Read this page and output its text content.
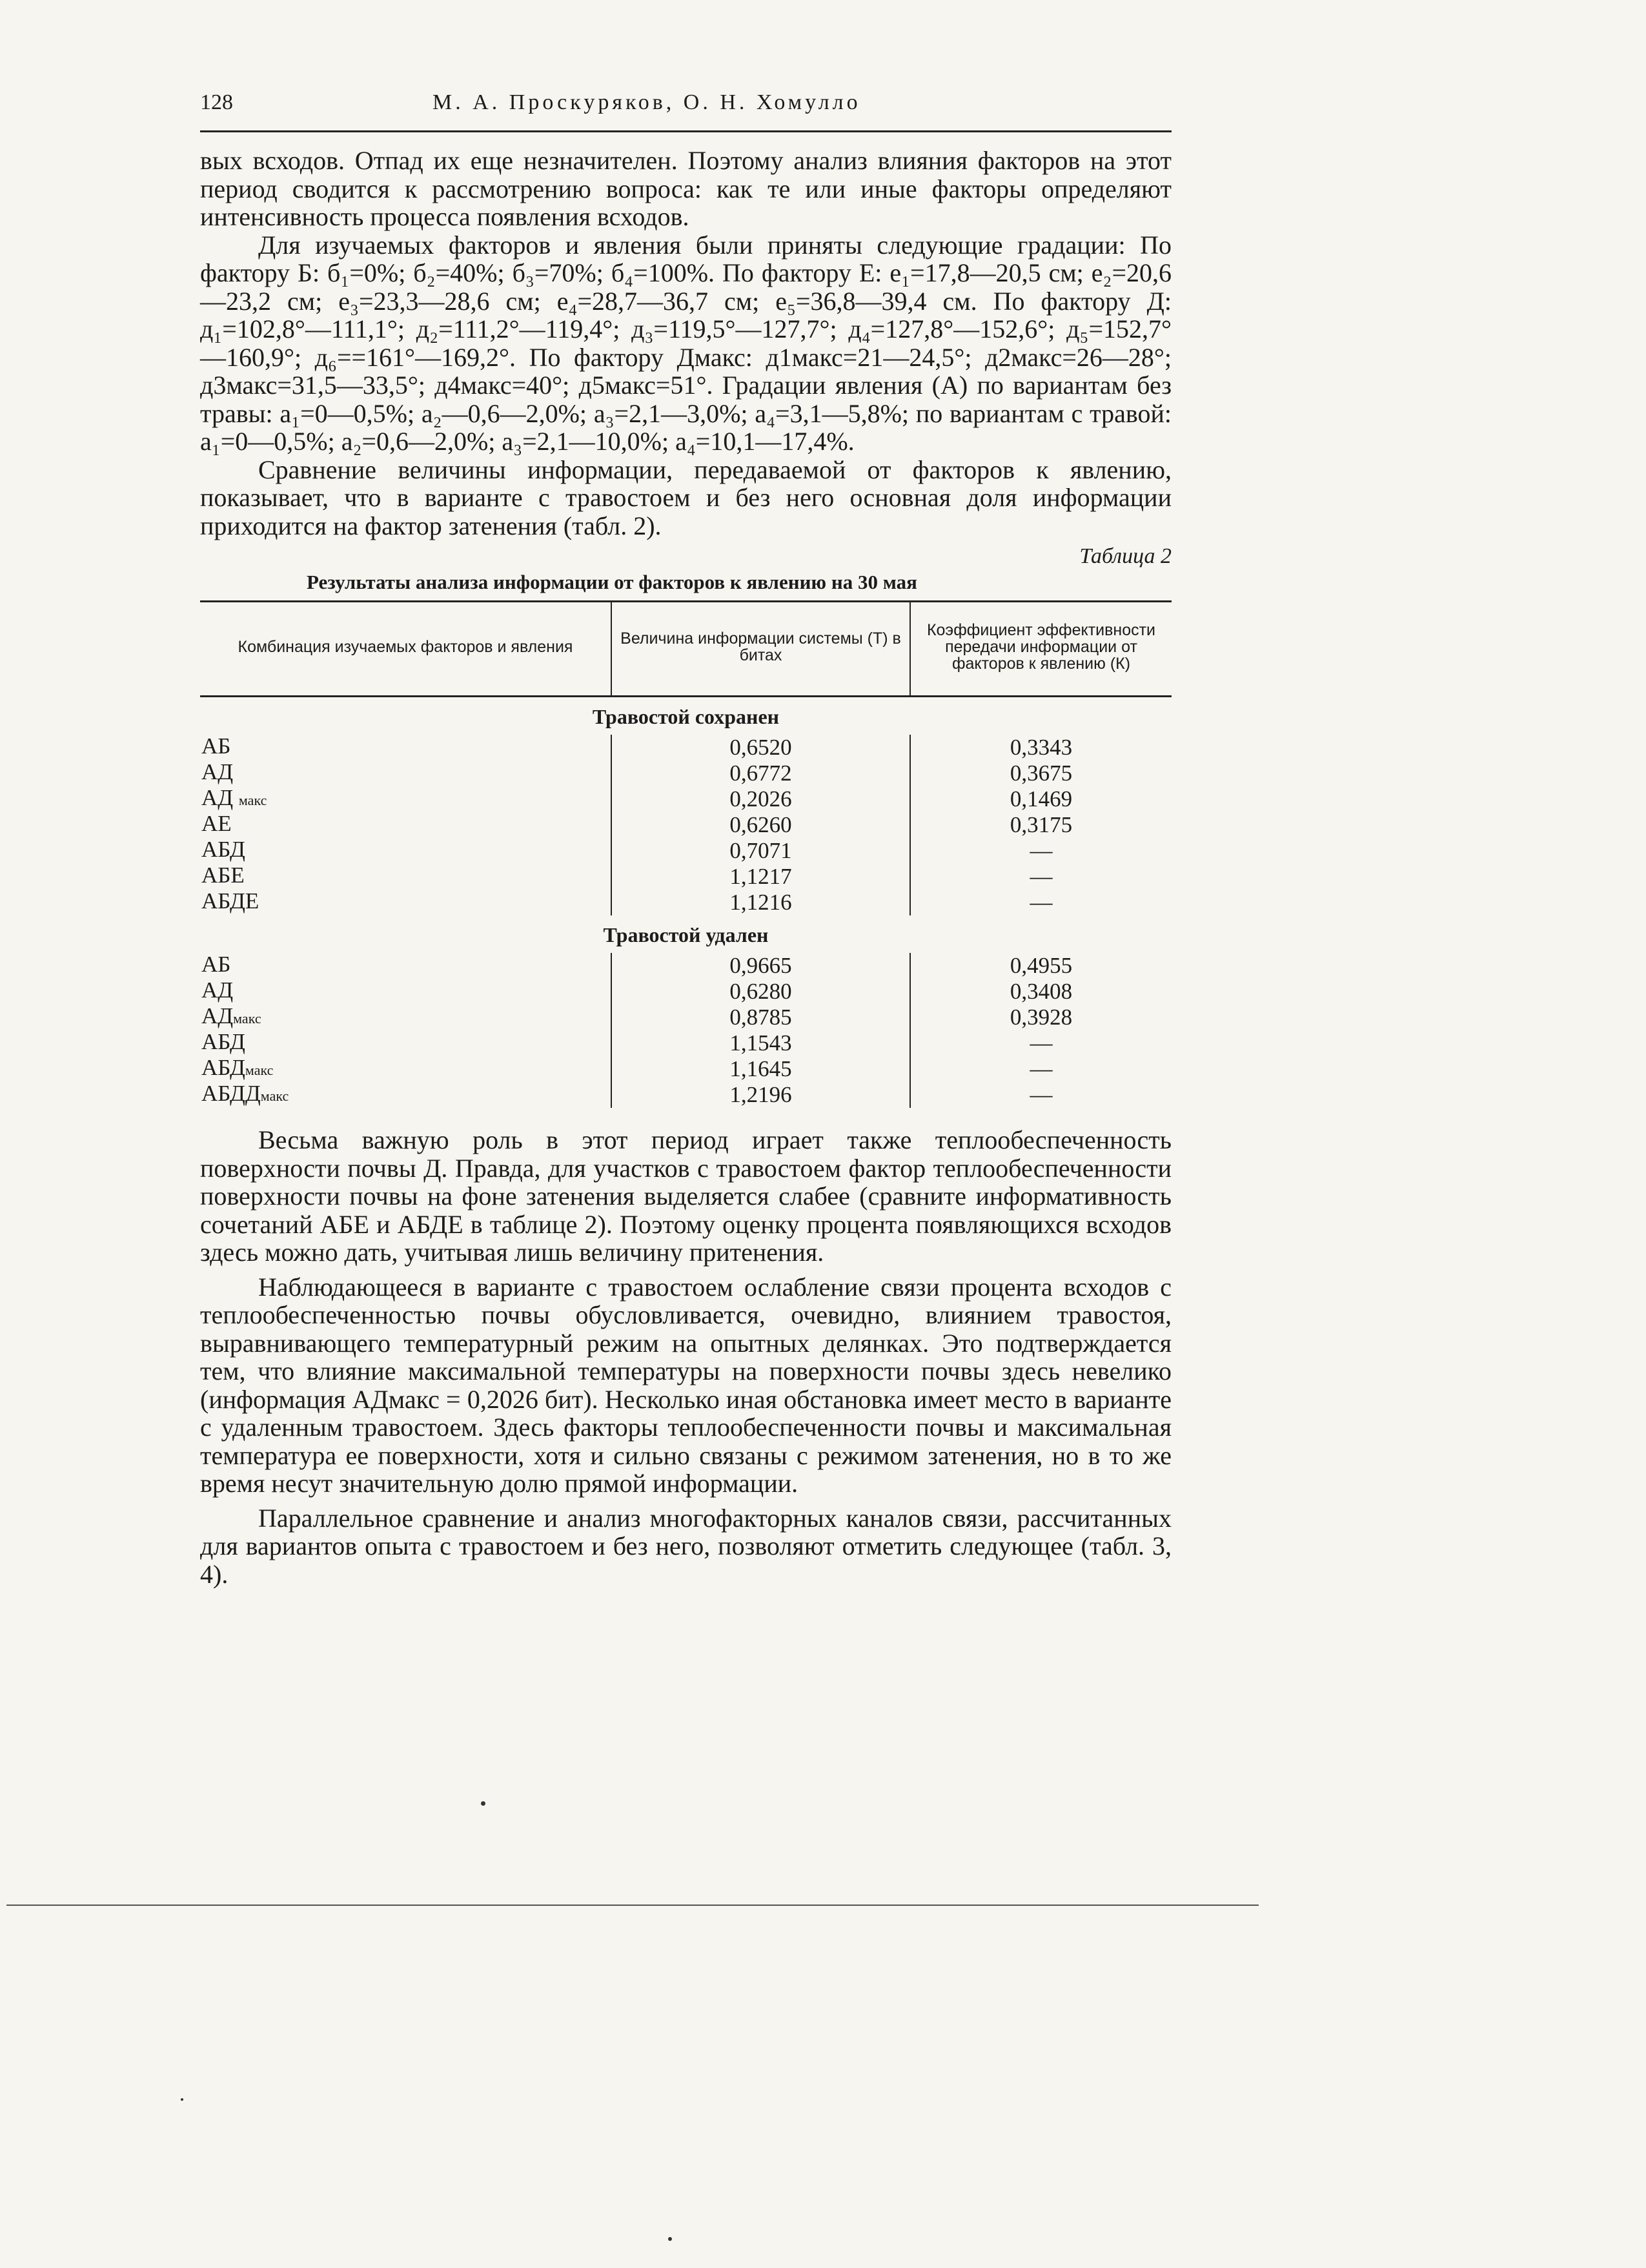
128	М. А. Проскуряков, О. Н. Хомулло

вых всходов. Отпад их еще незначителен. Поэтому анализ влияния факторов на этот период сводится к рассмотрению вопроса: как те или иные факторы определяют интенсивность процесса появления всходов.

Для изучаемых факторов и явления были приняты следующие градации: По фактору Б: б₁=0%; б₂=40%; б₃=70%; б₄=100%. По фактору Е: е₁=17,8—20,5 см; е₂=20,6—23,2 см; е₃=23,3—28,6 см; е₄=28,7—36,7 см; е₅=36,8—39,4 см. По фактору Д: д₁=102,8°—111,1°; д₂=111,2°—119,4°; д₃=119,5°—127,7°; д₄=127,8°—152,6°; д₅=152,7°—160,9°; д₆==161°—169,2°. По фактору Дмакс: д1макс=21—24,5°; д2макс=26—28°; д3макс=31,5—33,5°; д4макс=40°; д5макс=51°. Градации явления (А) по вариантам без травы: а₁=0—0,5%; а₂—0,6—2,0%; а₃=2,1—3,0%; а₄=3,1—5,8%; по вариантам с травой: а₁=0—0,5%; а₂=0,6—2,0%; а₃=2,1—10,0%; а₄=10,1—17,4%.

Сравнение величины информации, передаваемой от факторов к явлению, показывает, что в варианте с травостоем и без него основная доля информации приходится на фактор затенения (табл. 2).

Таблица 2
Результаты анализа информации от факторов к явлению на 30 мая
Комбинация изучаемых факторов и явления	Величина информации системы (Т) в битах	Коэффициент эффективности передачи информации от факторов к явлению (К)
Травостой сохранен		
АБ	0,6520	0,3343
АД	0,6772	0,3675
АД макс	0,2026	0,1469
АЕ	0,6260	0,3175
АБД	0,7071	—
АБЕ	1,1217	—
АБДЕ	1,1216	—
Травостой удален		
АБ	0,9665	0,4955
АД	0,6280	0,3408
АДмакс	0,8785	0,3928
АБД	1,1543	—
АБДмакс	1,1645	—
АБДДмакс	1,2196	—

Весьма важную роль в этот период играет также теплообеспеченность поверхности почвы Д. Правда, для участков с травостоем фактор теплообеспеченности поверхности почвы на фоне затенения выделяется слабее (сравните информативность сочетаний АБЕ и АБДЕ в таблице 2). Поэтому оценку процента появляющихся всходов здесь можно дать, учитывая лишь величину притенения.

Наблюдающееся в варианте с травостоем ослабление связи процента всходов с теплообеспеченностью почвы обусловливается, очевидно, влиянием травостоя, выравнивающего температурный режим на опытных делянках. Это подтверждается тем, что влияние максимальной температуры на поверхности почвы здесь невелико (информация АДмакс = 0,2026 бит). Несколько иная обстановка имеет место в варианте с удаленным травостоем. Здесь факторы теплообеспеченности почвы и максимальная температура ее поверхности, хотя и сильно связаны с режимом затенения, но в то же время несут значительную долю прямой информации.

Параллельное сравнение и анализ многофакторных каналов связи, рассчитанных для вариантов опыта с травостоем и без него, позволяют отметить следующее (табл. 3, 4).
